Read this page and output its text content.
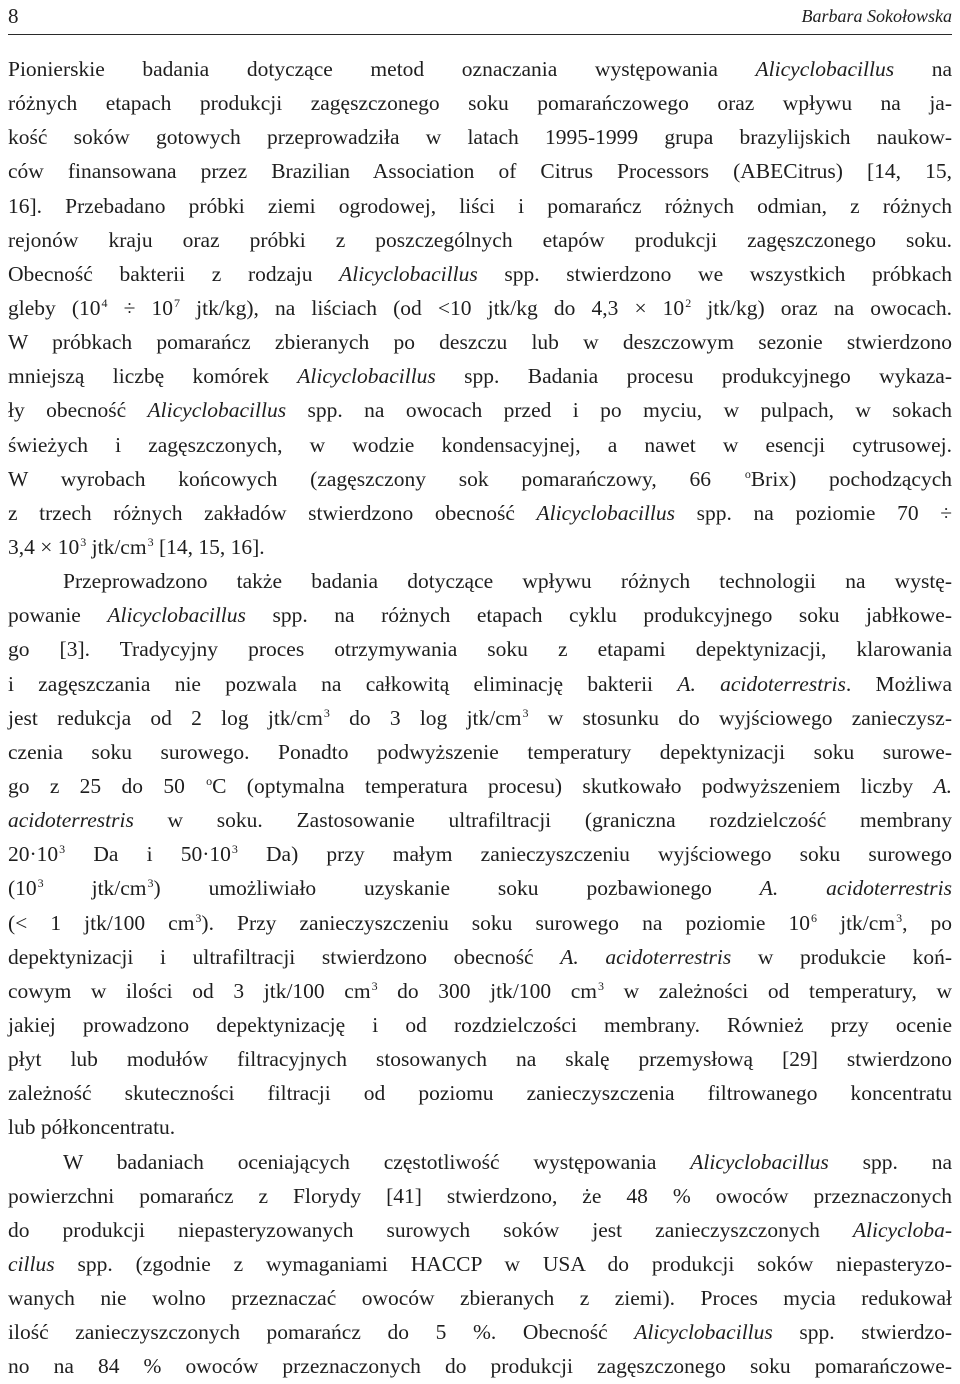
8	Barbara Sokołowska
Pionierskie badania dotyczące metod oznaczania występowania Alicyclobacillus na
różnych etapach produkcji zagęszczonego soku pomarańczowego oraz wpływu na ja-
kość soków gotowych przeprowadziła w latach 1995-1999 grupa brazylijskich naukow-
ców finansowana przez Brazilian Association of Citrus Processors (ABECitrus) [14, 15,
16]. Przebadano próbki ziemi ogrodowej, liści i pomarańcz różnych odmian, z różnych
rejonów kraju oraz próbki z poszczególnych etapów produkcji zagęszczonego soku.
Obecność bakterii z rodzaju Alicyclobacillus spp. stwierdzono we wszystkich próbkach
gleby ($10^4 \div 10^7$ jtk/kg), na liściach (od <10 jtk/kg do $4,3 \times 10^2$ jtk/kg) oraz na owocach.
W próbkach pomarańcz zbieranych po deszczu lub w deszczowym sezonie stwierdzono
mniejszą liczbę komórek Alicyclobacillus spp. Badania procesu produkcyjnego wykaza-
ły obecność Alicyclobacillus spp. na owocach przed i po myciu, w pulpach, w sokach
świeżych i zagęszczonych, w wodzie kondensacyjnej, a nawet w esencji cytrusowej.
W wyrobach końcowych (zagęszczony sok pomarańczowy, 66 $^o$Brix) pochodzących
z trzech różnych zakładów stwierdzono obecność Alicyclobacillus spp. na poziomie 70 ÷
$3,4 \times 10^3$ jtk/$cm^3$ [14, 15, 16].
Przeprowadzono także badania dotyczące wpływu różnych technologii na wystę-
powanie Alicyclobacillus spp. na różnych etapach cyklu produkcyjnego soku jabłkowe-
go [3]. Tradycyjny proces otrzymywania soku z etapami depektynizacji, klarowania
i zagęszczania nie pozwala na całkowitą eliminację bakterii A. acidoterrestris. Możliwa
jest redukcja od 2 log jtk/$cm^3$ do 3 log jtk/$cm^3$ w stosunku do wyjściowego zanieczysz-
czenia soku surowego. Ponadto podwyższenie temperatury depektynizacji soku surowe-
go z 25 do 50 $^o$C (optymalna temperatura procesu) skutkowało podwyższeniem liczby A.
acidoterrestris w soku. Zastosowanie ultrafiltracji (graniczna rozdzielczość membrany
$20\cdot 10^3$ Da i $50\cdot 10^3$ Da) przy małym zanieczyszczeniu wyjściowego soku surowego
($10^3$ jtk/$cm^3$) umożliwiało uzyskanie soku pozbawionego A. acidoterrestris
(< 1 jtk/100 $cm^3$). Przy zanieczyszczeniu soku surowego na poziomie $10^6$ jtk/$cm^3$, po
depektynizacji i ultrafiltracji stwierdzono obecność A. acidoterrestris w produkcie koń-
cowym w ilości od 3 jtk/100 $cm^3$ do 300 jtk/100 $cm^3$ w zależności od temperatury, w
jakiej prowadzono depektynizację i od rozdzielczości membrany. Również przy ocenie
płyt lub modułów filtracyjnych stosowanych na skalę przemysłową [29] stwierdzono
zależność skuteczności filtracji od poziomu zanieczyszczenia filtrowanego koncentratu
lub półkoncentratu.
W badaniach oceniających częstotliwość występowania Alicyclobacillus spp. na
powierzchni pomarańcz z Florydy [41] stwierdzono, że 48 % owoców przeznaczonych
do produkcji niepasteryzowanych surowych soków jest zanieczyszczonych Alicycloba-
cillus spp. (zgodnie z wymaganiami HACCP w USA do produkcji soków niepasteryzo-
wanych nie wolno przeznaczać owoców zbieranych z ziemi). Proces mycia redukował
ilość zanieczyszczonych pomarańcz do 5 %. Obecność Alicyclobacillus spp. stwierdzo-
no na 84 % owoców przeznaczonych do produkcji zagęszczonego soku pomarańczowe-
